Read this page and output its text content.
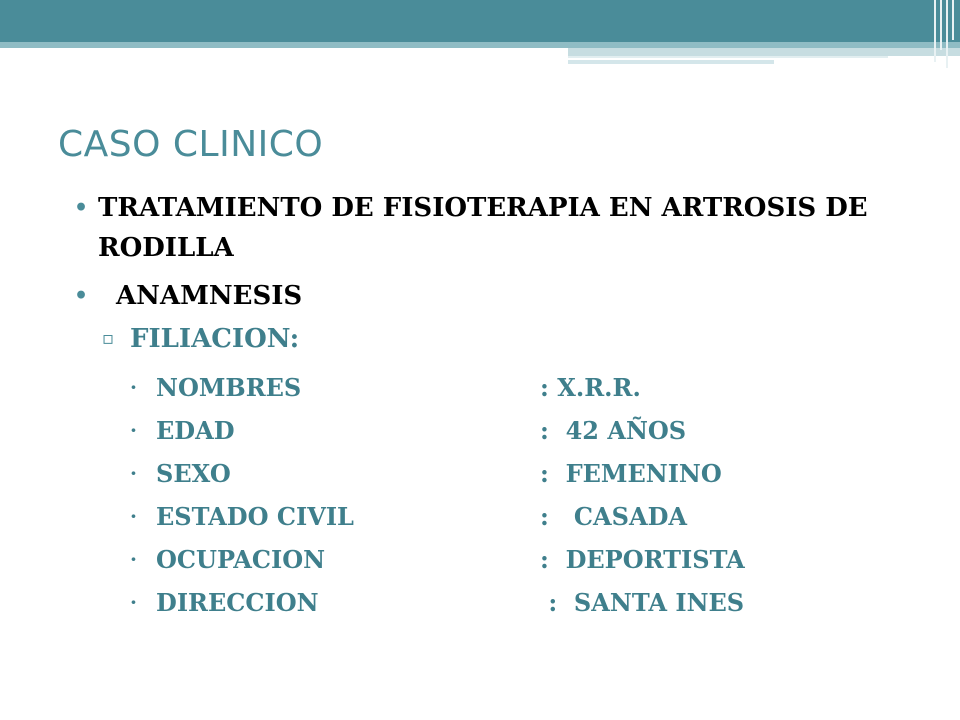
CASO CLINICO
• TRATAMIENTO DE FISIOTERAPIA EN ARTROSIS DE RODILLA
• ANAMNESIS
▫ FILIACION:
· NOMBRES	: X.R.R.
· EDAD	:  42 AÑOS
· SEXO	:  FEMENINO
· ESTADO CIVIL	:   CASADA
· OCUPACION	:  DEPORTISTA
· DIRECCION	:  SANTA INES
